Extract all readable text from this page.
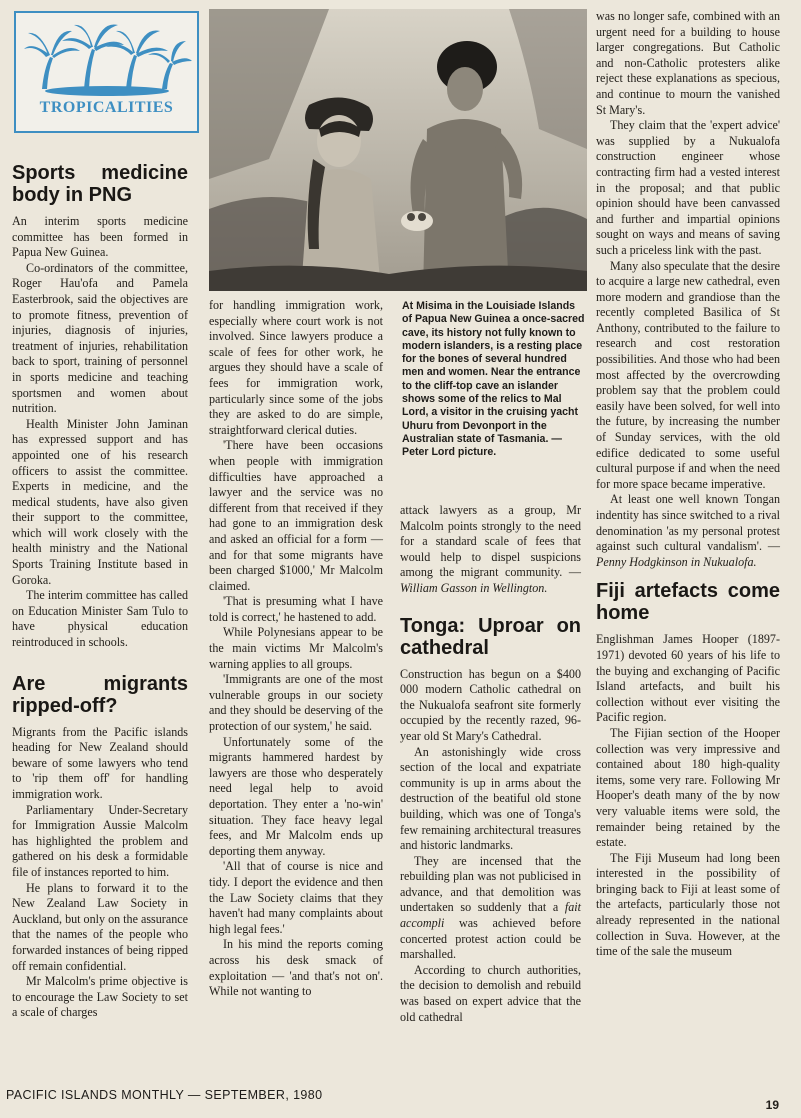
TROPICALITIES
At Misima in the Louisiade Islands of Papua New Guinea a once-sacred cave, its history not fully known to modern islanders, is a resting place for the bones of several hundred men and women. Near the entrance to the cliff-top cave an islander shows some of the relics to Mal Lord, a visitor in the cruising yacht Uhuru from Devonport in the Australian state of Tasmania. — Peter Lord picture.
Sports medicine body in PNG

An interim sports medicine committee has been formed in Papua New Guinea.

Co-ordinators of the committee, Roger Hau'ofa and Pamela Easterbrook, said the objectives are to promote fitness, prevention of injuries, diagnosis of injuries, treatment of injuries, rehabilitation back to sport, training of personnel in sports medicine and teaching sportsmen and women about nutrition.

Health Minister John Jaminan has expressed support and has appointed one of his research officers to assist the committee. Experts in medicine, and the medical students, have also given their support to the committee, which will work closely with the health ministry and the National Sports Training Institute based in Goroka.

The interim committee has called on Education Minister Sam Tulo to have physical education reintroduced in schools.

Are migrants ripped-off?

Migrants from the Pacific islands heading for New Zealand should beware of some lawyers who tend to 'rip them off' for handling immigration work.

Parliamentary Under-Secretary for Immigration Aussie Malcolm has highlighted the problem and gathered on his desk a formidable file of instances reported to him.

He plans to forward it to the New Zealand Law Society in Auckland, but only on the assurance that the names of the people who forwarded instances of being ripped off remain confidential.

Mr Malcolm's prime objective is to encourage the Law Society to set a scale of charges

for handling immigration work, especially where court work is not involved. Since lawyers produce a scale of fees for other work, he argues they should have a scale of fees for immigration work, particularly since some of the jobs they are asked to do are simple, straightforward clerical duties.

'There have been occasions when people with immigration difficulties have approached a lawyer and the service was no different from that received if they had gone to an immigration desk and asked an official for a form — and for that some migrants have been charged $1000,' Mr Malcolm claimed.

'That is presuming what I have told is correct,' he hastened to add.

While Polynesians appear to be the main victims Mr Malcolm's warning applies to all groups.

'Immigrants are one of the most vulnerable groups in our society and they should be deserving of the protection of our system,' he said.

Unfortunately some of the migrants hammered hardest by lawyers are those who desperately need legal help to avoid deportation. They enter a 'no-win' situation. They face heavy legal fees, and Mr Malcolm ends up deporting them anyway.

'All that of course is nice and tidy. I deport the evidence and then the Law Society claims that they haven't had many complaints about high legal fees.'

In his mind the reports coming across his desk smack of exploitation — 'and that's not on'. While not wanting to

attack lawyers as a group, Mr Malcolm points strongly to the need for a standard scale of fees that would help to dispel suspicions among the migrant community. — William Gasson in Wellington.

Tonga: Uproar on cathedral

Construction has begun on a $400 000 modern Catholic cathedral on the Nukualofa seafront site formerly occupied by the recently razed, 96-year old St Mary's Cathedral.

An astonishingly wide cross section of the local and expatriate community is up in arms about the destruction of the beatiful old stone building, which was one of Tonga's few remaining architectural treasures and historic landmarks.

They are incensed that the rebuilding plan was not publicised in advance, and that demolition was undertaken so suddenly that a fait accompli was achieved before concerted protest action could be marshalled.

According to church authorities, the decision to demolish and rebuild was based on expert advice that the old cathedral

was no longer safe, combined with an urgent need for a building to house larger congregations. But Catholic and non-Catholic protesters alike reject these explanations as specious, and continue to mourn the vanished St Mary's.

They claim that the 'expert advice' was supplied by a Nukualofa construction engineer whose contracting firm had a vested interest in the proposal; and that public opinion should have been canvassed and further and impartial opinions sought on ways and means of saving such a priceless link with the past.

Many also speculate that the desire to acquire a large new cathedral, even more modern and grandiose than the recently completed Basilica of St Anthony, contributed to the failure to research and cost restoration possibilities. And those who had been most affected by the overcrowding problem say that the problem could easily have been solved, for well into the future, by increasing the number of Sunday services, with the old edifice dedicated to some useful cultural purpose if and when the need for more space became imperative.

At least one well known Tongan indentity has since switched to a rival denomination 'as my personal protest against such cultural vandalism'. — Penny Hodgkinson in Nukualofa.

Fiji artefacts come home

Englishman James Hooper (1897-1971) devoted 60 years of his life to the buying and exchanging of Pacific Island artefacts, and built his collection without ever visiting the Pacific region.

The Fijian section of the Hooper collection was very impressive and contained about 180 high-quality items, some very rare. Following Mr Hooper's death many of the by now very valuable items were sold, the remainder being retained by the estate.

The Fiji Museum had long been interested in the possibility of bringing back to Fiji at least some of the artefacts, particularly those not already represented in the national collection in Suva. However, at the time of the sale the museum

PACIFIC ISLANDS MONTHLY — SEPTEMBER, 1980
19
